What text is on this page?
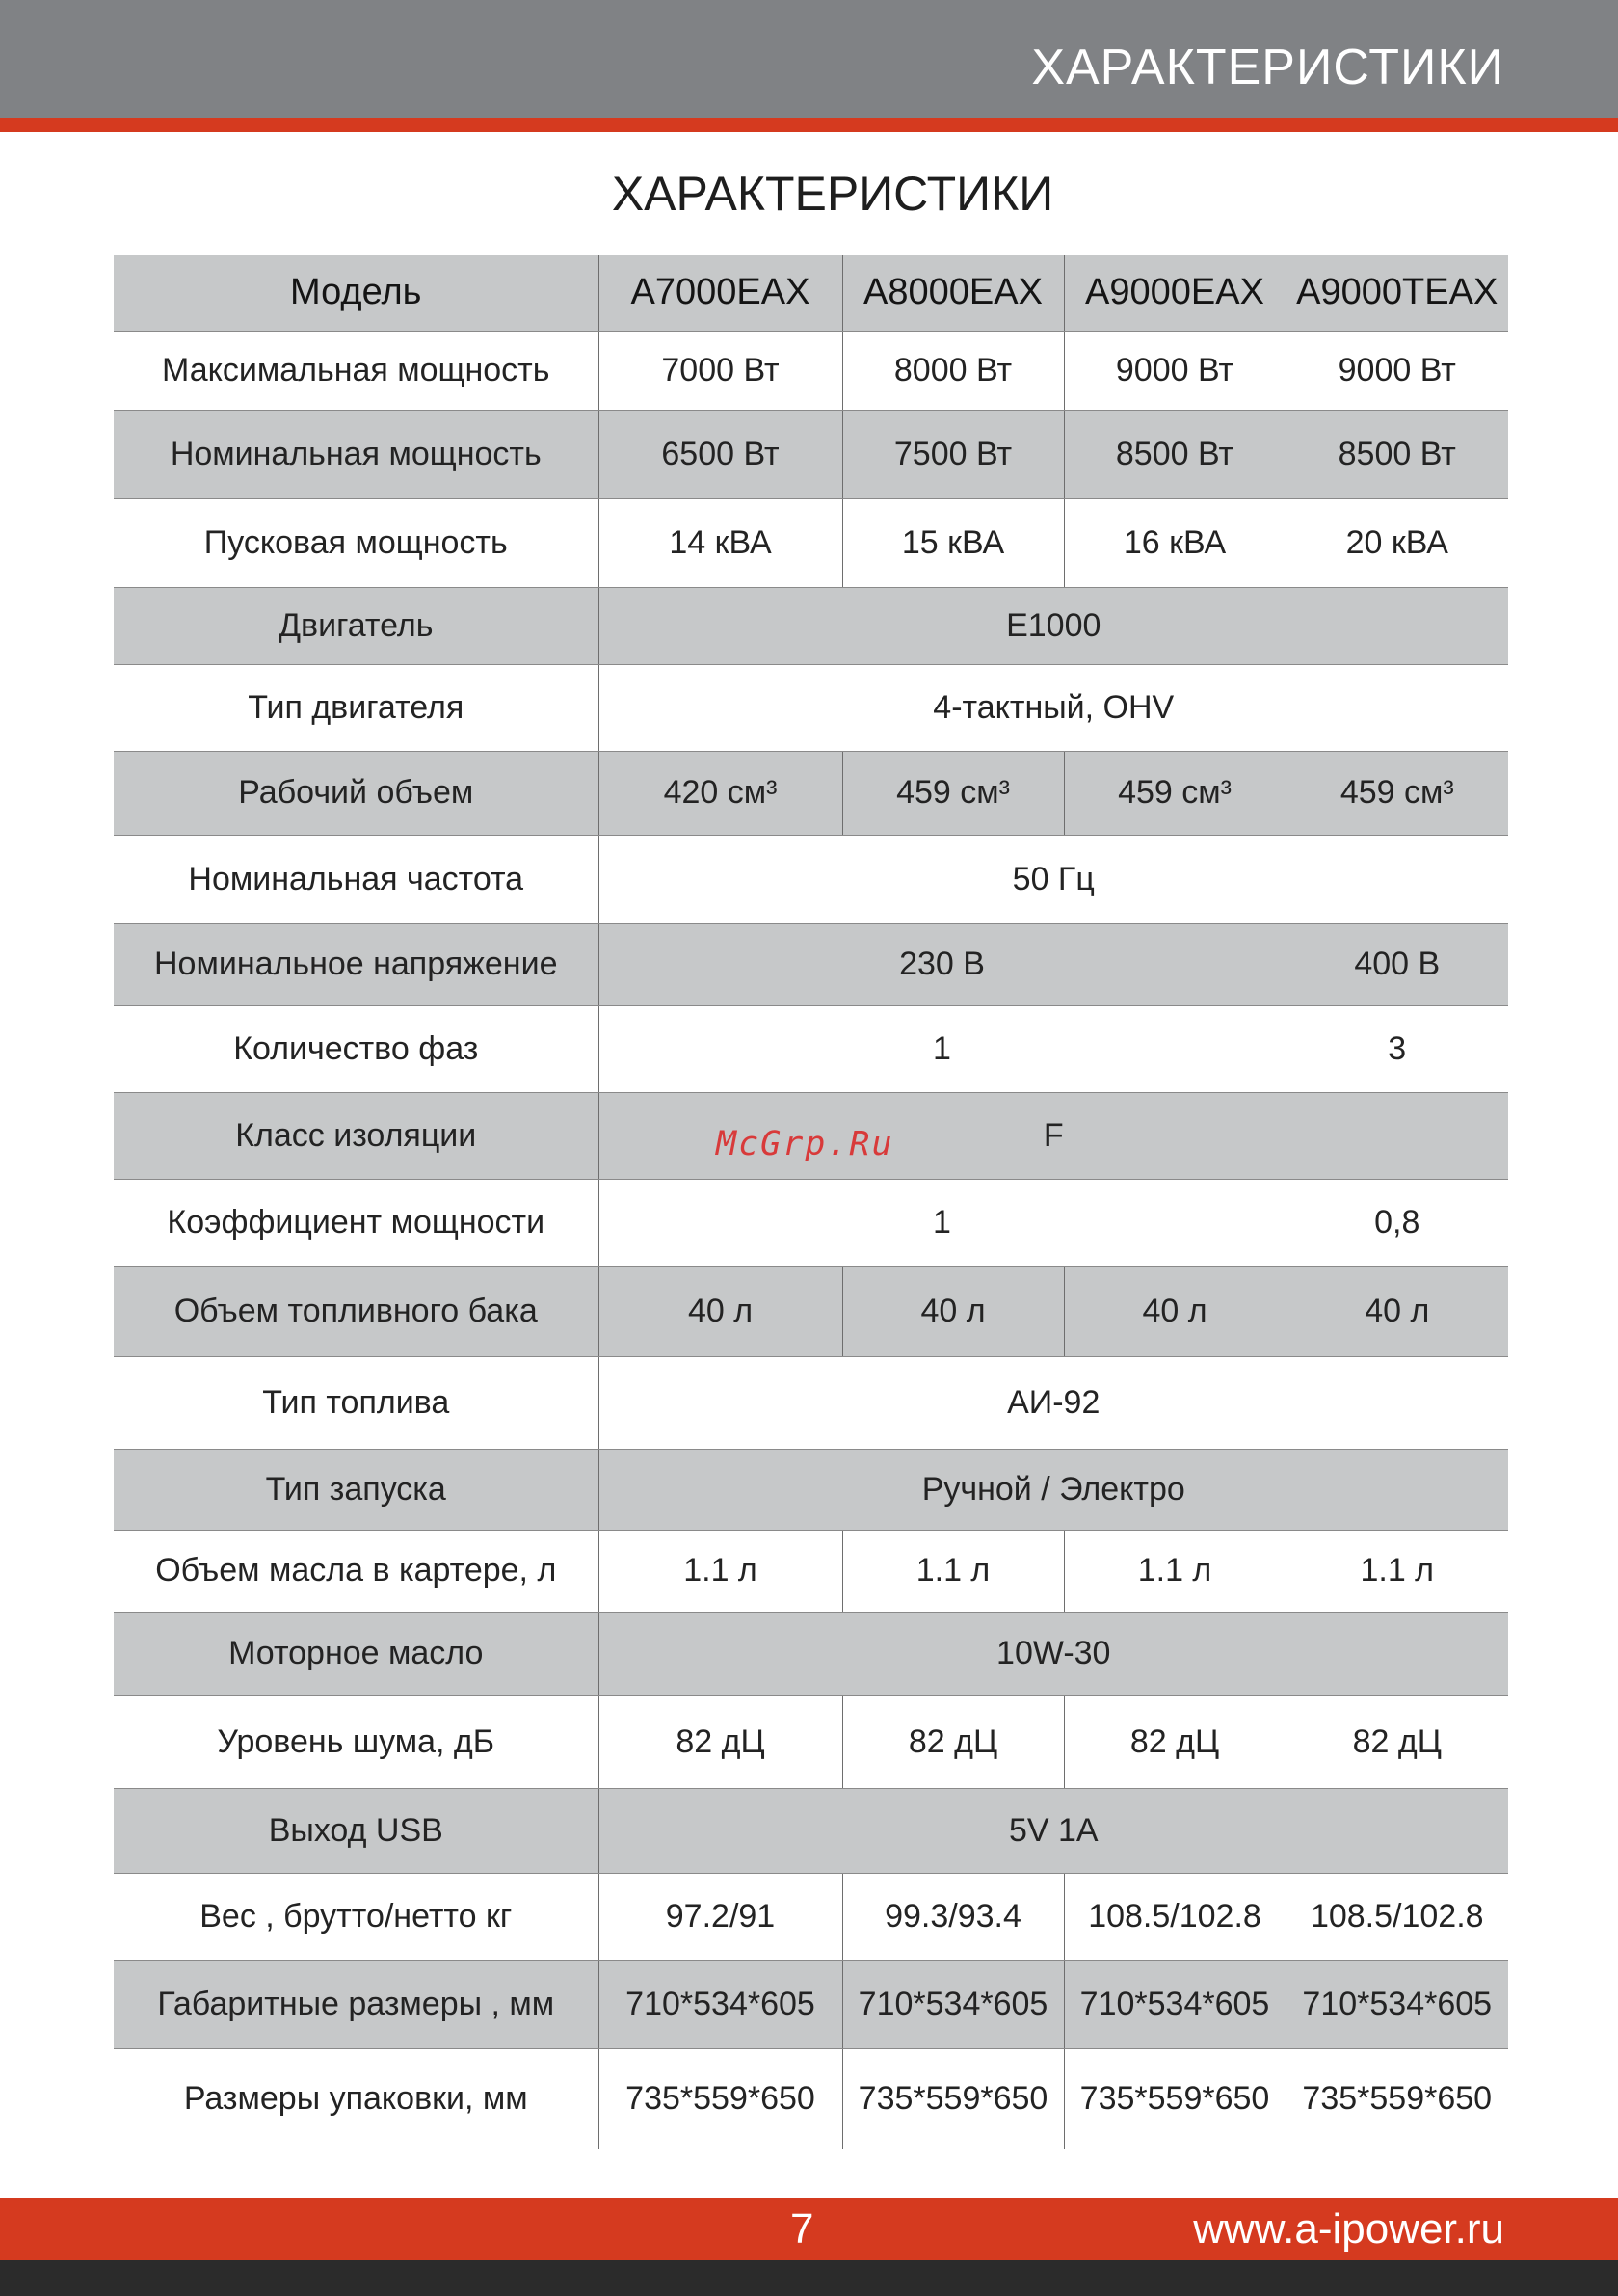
ХАРАКТЕРИСТИКИ
ХАРАКТЕРИСТИКИ
Модель	A7000EAX	A8000EAX	A9000EAX	A9000TEAX
Максимальная мощность	7000 Вт	8000 Вт	9000 Вт	9000 Вт
Номинальная мощность	6500 Вт	7500 Вт	8500 Вт	8500 Вт
Пусковая мощность	14 кВА	15 кВА	16 кВА	20 кВА
Двигатель	E1000			
Тип двигателя	4-тактный, OHV			
Рабочий объем	420 см³	459 см³	459 см³	459 см³
Номинальная частота	50 Гц			
Номинальное напряжение	230 В			400 В
Количество фаз	1			3
Класс изоляции	F			
Коэффициент мощности	1			0,8
Объем топливного бака	40 л	40 л	40 л	40 л
Тип топлива	АИ-92			
Тип запуска	Ручной / Электро			
Объем масла в картере, л	1.1 л	1.1 л	1.1 л	1.1 л
Моторное масло	10W-30			
Уровень шума, дБ	82 дЦ	82 дЦ	82 дЦ	82 дЦ
Выход USB	5V 1A			
Вес , брутто/нетто кг	97.2/91	99.3/93.4	108.5/102.8	108.5/102.8
Габаритные размеры , мм	710*534*605	710*534*605	710*534*605	710*534*605
Размеры упаковки, мм	735*559*650	735*559*650	735*559*650	735*559*650
McGrp.Ru
7	www.a-ipower.ru
